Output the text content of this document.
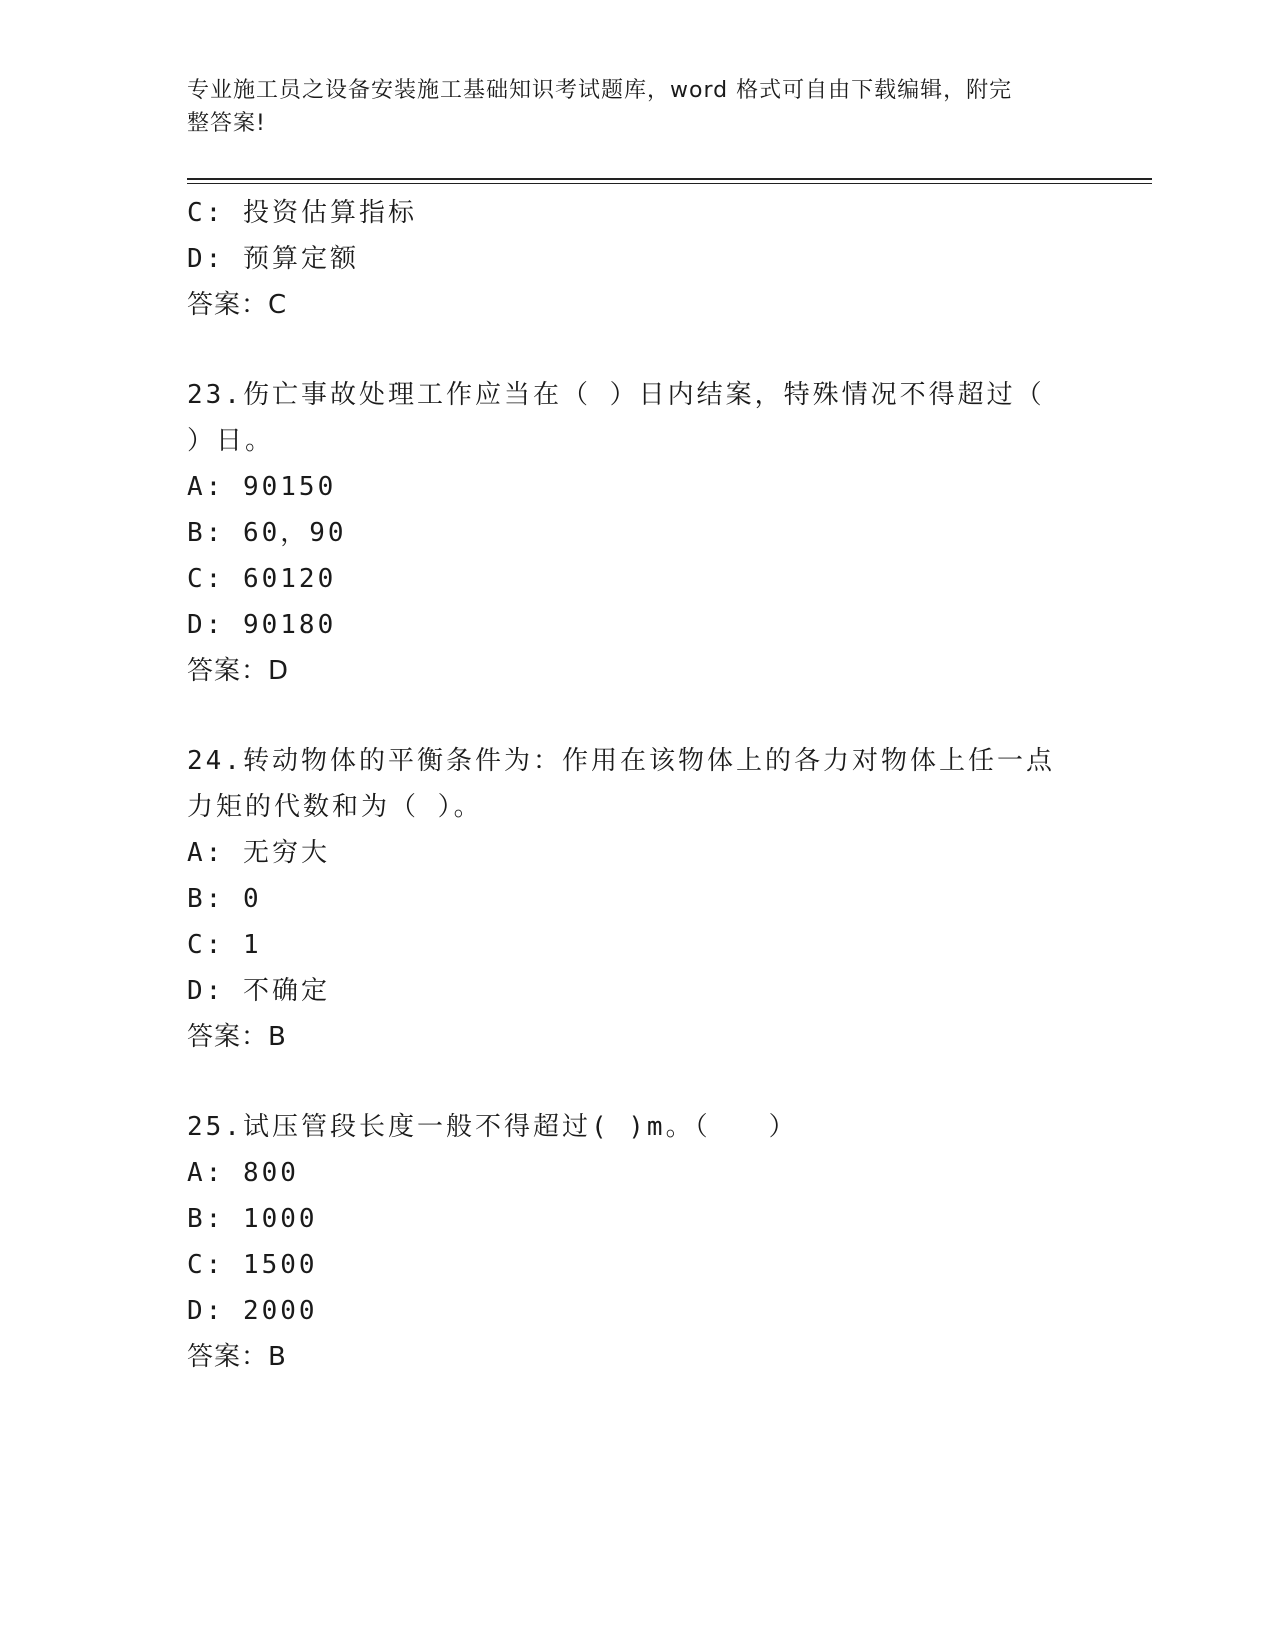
专业施工员之设备安装施工基础知识考试题库，word 格式可自由下载编辑，附完
整答案!

C: 投资估算指标

D: 预算定额

答案：C

23.伤亡事故处理工作应当在（ ）日内结案，特殊情况不得超过（ ）日。

A: 90150

B: 60，90

C: 60120

D: 90180

答案：D

24.转动物体的平衡条件为：作用在该物体上的各力对物体上任一点力矩的代数和为（ ）。

A: 无穷大

B: 0

C: 1

D: 不确定

答案：B

25.试压管段长度一般不得超过( )m。（　　）

A: 800

B: 1000

C: 1500

D: 2000

答案：B
